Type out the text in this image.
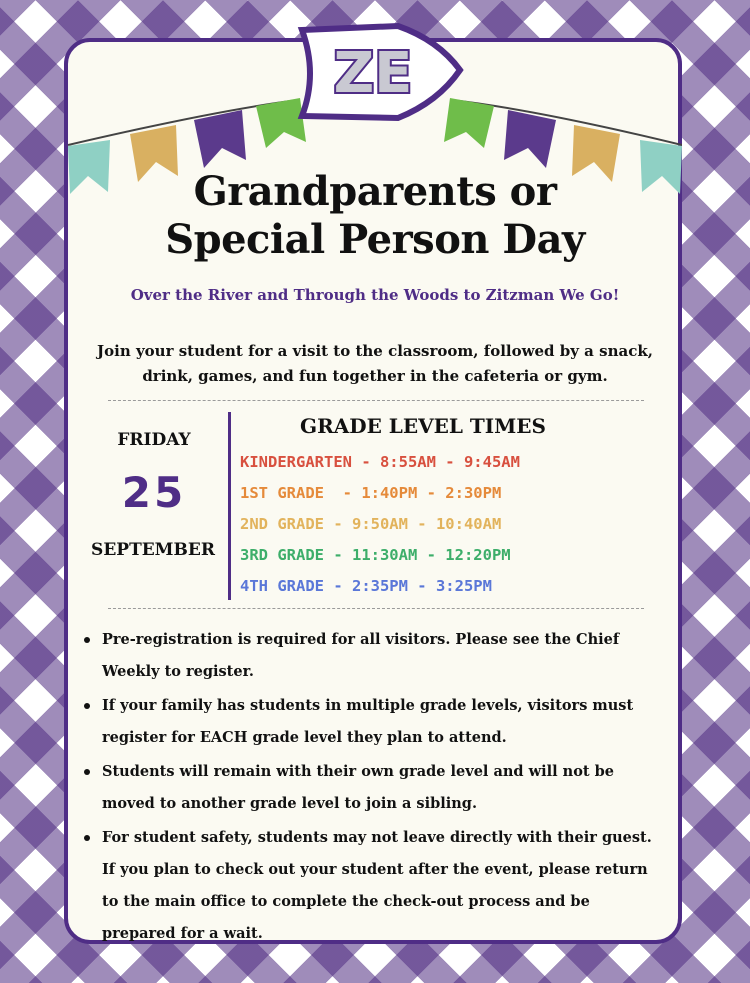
ZE
Grandparents or
Special Person Day
Over the River and Through the Woods to Zitzman We Go!
Join your student for a visit to the classroom, followed by a snack,
drink, games, and fun together in the cafeteria or gym.
FRIDAY
25
SEPTEMBER
GRADE LEVEL TIMES
KINDERGARTEN - 8:55AM - 9:45AM
1ST GRADE  - 1:40PM - 2:30PM
2ND GRADE - 9:50AM - 10:40AM
3RD GRADE - 11:30AM - 12:20PM
4TH GRADE - 2:35PM - 3:25PM
Pre-registration is required for all visitors. Please see the Chief Weekly to register.
If your family has students in multiple grade levels, visitors must register for EACH grade level they plan to attend.
Students will remain with their own grade level and will not be moved to another grade level to join a sibling.
For student safety, students may not leave directly with their guest. If you plan to check out your student after the event, please return to the main office to complete the check-out process and be prepared for a wait.
